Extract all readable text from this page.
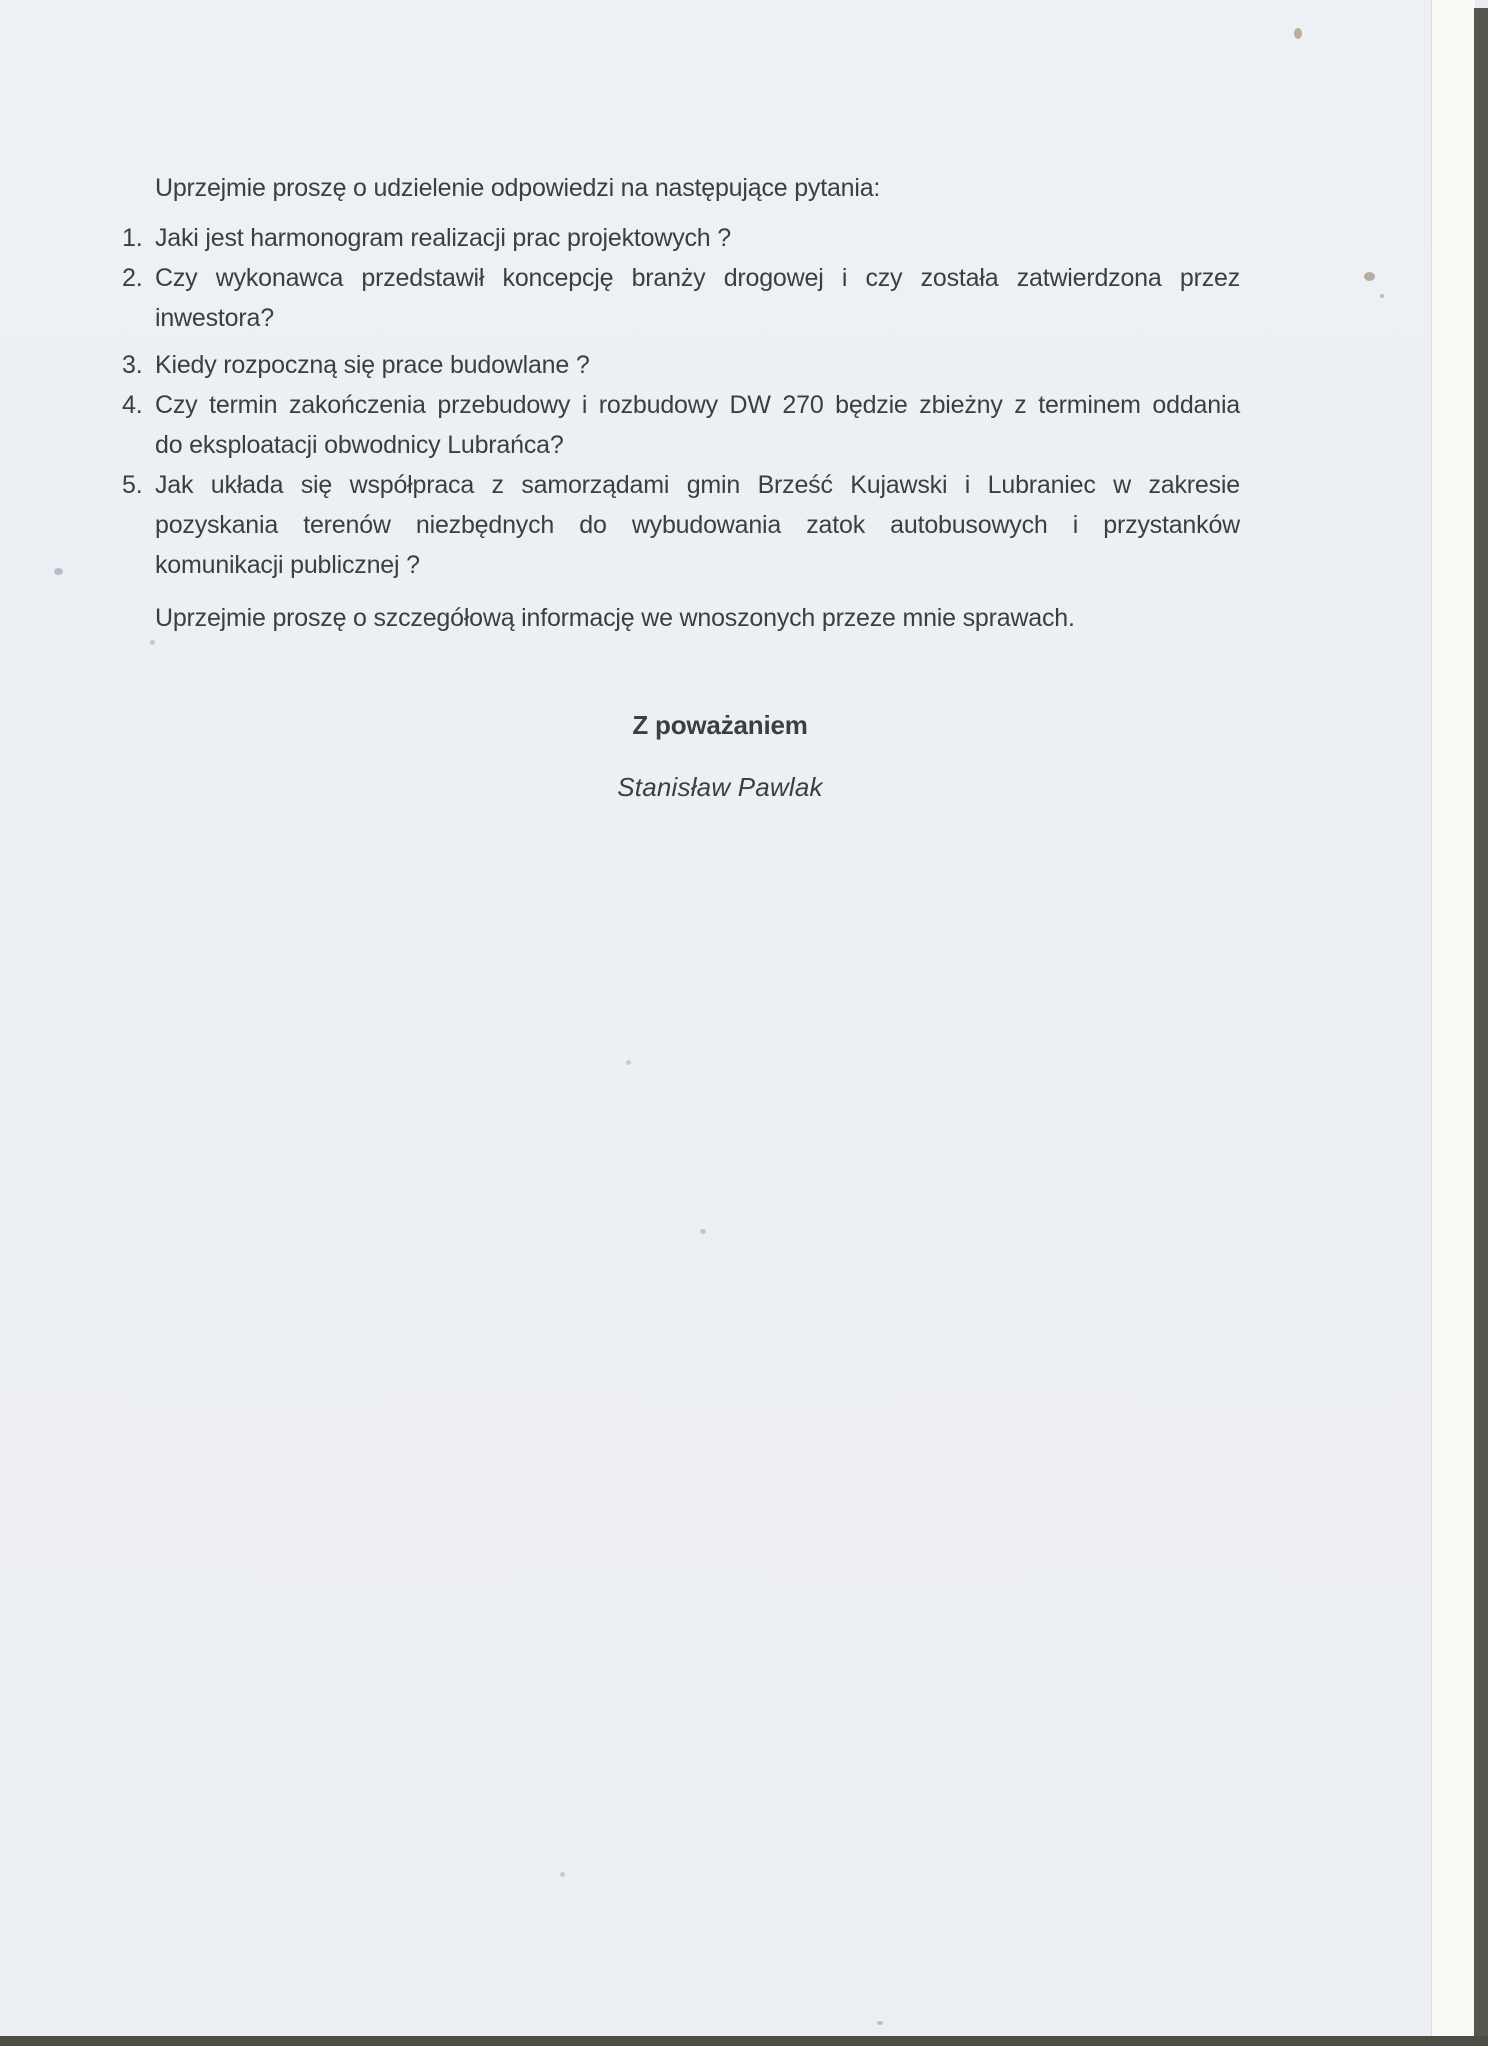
Uprzejmie proszę o udzielenie odpowiedzi na następujące pytania:

1. Jaki jest harmonogram realizacji prac projektowych ?
2. Czy wykonawca przedstawił koncepcję branży drogowej i czy została zatwierdzona przez
inwestora?
3. Kiedy rozpoczną się prace budowlane ?
4. Czy termin zakończenia przebudowy i rozbudowy DW 270 będzie zbieżny z terminem oddania
do eksploatacji obwodnicy Lubrańca?
5. Jak układa się współpraca z samorządami gmin Brześć Kujawski i Lubraniec w zakresie
pozyskania terenów niezbędnych do wybudowania zatok autobusowych i przystanków
komunikacji publicznej ?

Uprzejmie proszę o szczegółową informację we wnoszonych przeze mnie sprawach.

Z poważaniem
Stanisław Pawlak
